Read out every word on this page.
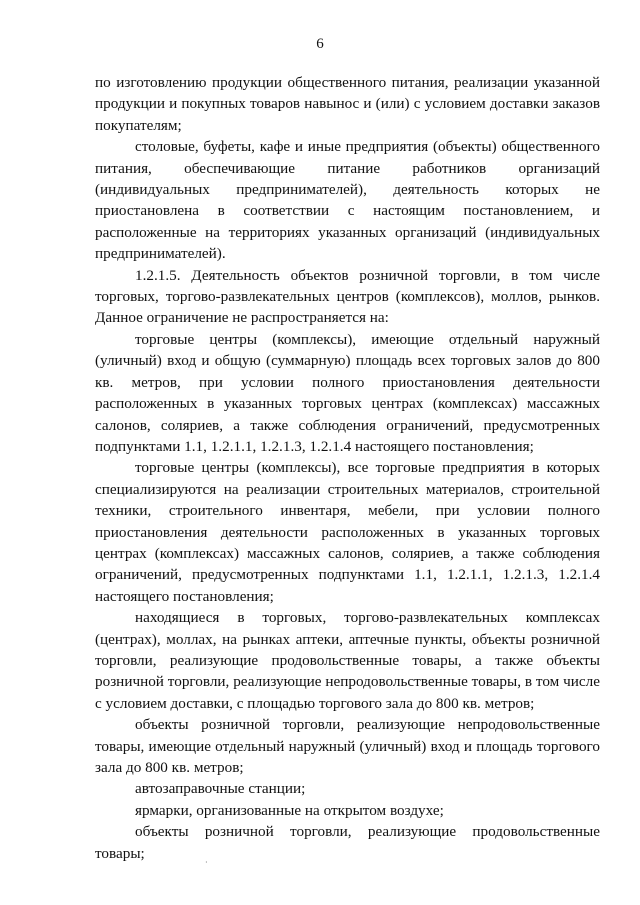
6

по изготовлению продукции общественного питания, реализации указанной продукции и покупных товаров навынос и (или) с условием доставки заказов покупателям;

столовые, буфеты, кафе и иные предприятия (объекты) общественного питания, обеспечивающие питание работников организаций (индивидуальных предпринимателей), деятельность которых не приостановлена в соответствии с настоящим постановлением, и расположенные на территориях указанных организаций (индивидуальных предпринимателей).

1.2.1.5. Деятельность объектов розничной торговли, в том числе торговых, торгово-развлекательных центров (комплексов), моллов, рынков. Данное ограничение не распространяется на:

торговые центры (комплексы), имеющие отдельный наружный (уличный) вход и общую (суммарную) площадь всех торговых залов до 800 кв. метров, при условии полного приостановления деятельности расположенных в указанных торговых центрах (комплексах) массажных салонов, соляриев, а также соблюдения ограничений, предусмотренных подпунктами 1.1, 1.2.1.1, 1.2.1.3, 1.2.1.4 настоящего постановления;

торговые центры (комплексы), все торговые предприятия в которых специализируются на реализации строительных материалов, строительной техники, строительного инвентаря, мебели, при условии полного приостановления деятельности расположенных в указанных торговых центрах (комплексах) массажных салонов, соляриев, а также соблюдения ограничений, предусмотренных подпунктами 1.1, 1.2.1.1, 1.2.1.3, 1.2.1.4 настоящего постановления;

находящиеся в торговых, торгово-развлекательных комплексах (центрах), моллах, на рынках аптеки, аптечные пункты, объекты розничной торговли, реализующие продовольственные товары, а также объекты розничной торговли, реализующие непродовольственные товары, в том числе с условием доставки, с площадью торгового зала до 800 кв. метров;

объекты розничной торговли, реализующие непродовольственные товары, имеющие отдельный наружный (уличный) вход и площадь торгового зала до 800 кв. метров;

автозаправочные станции;

ярмарки, организованные на открытом воздухе;

объекты розничной торговли, реализующие продовольственные товары;

·
